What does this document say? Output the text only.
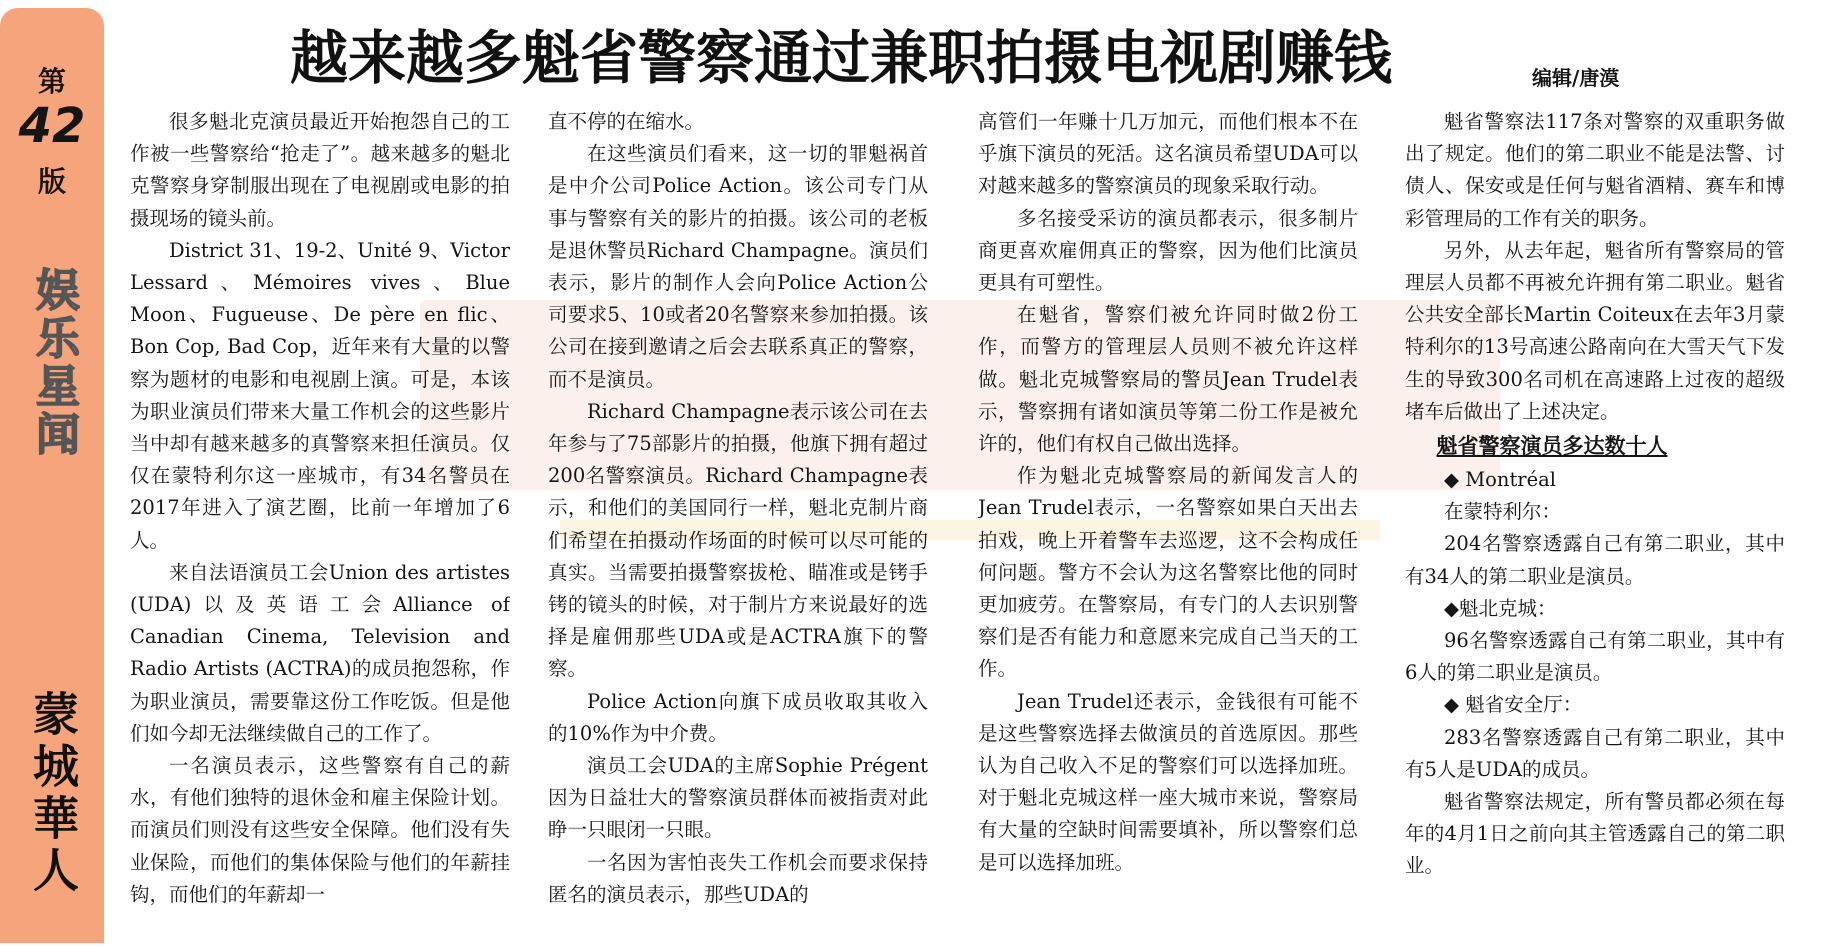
第
42
版
娱乐星闻
蒙城華人
越来越多魁省警察通过兼职拍摄电视剧赚钱	编辑/唐漠

很多魁北克演员最近开始抱怨自己的工作被一些警察给“抢走了”。越来越多的魁北克警察身穿制服出现在了电视剧或电影的拍摄现场的镜头前。

District 31、19-2、Unité 9、Victor Lessard、Mémoires vives、Blue Moon、Fugueuse、De père en flic、Bon Cop, Bad Cop，近年来有大量的以警察为题材的电影和电视剧上演。可是，本该为职业演员们带来大量工作机会的这些影片当中却有越来越多的真警察来担任演员。仅仅在蒙特利尔这一座城市，有34名警员在2017年进入了演艺圈，比前一年增加了6人。

来自法语演员工会Union des artistes (UDA)以及英语工会Alliance of Canadian Cinema, Television and Radio Artists (ACTRA)的成员抱怨称，作为职业演员，需要靠这份工作吃饭。但是他们如今却无法继续做自己的工作了。

一名演员表示，这些警察有自己的薪水，有他们独特的退休金和雇主保险计划。而演员们则没有这些安全保障。他们没有失业保险，而他们的集体保险与他们的年薪挂钩，而他们的年薪却一

直不停的在缩水。

在这些演员们看来，这一切的罪魁祸首是中介公司Police Action。该公司专门从事与警察有关的影片的拍摄。该公司的老板是退休警员Richard Champagne。演员们表示，影片的制作人会向Police Action公司要求5、10或者20名警察来参加拍摄。该公司在接到邀请之后会去联系真正的警察，而不是演员。

Richard Champagne表示该公司在去年参与了75部影片的拍摄，他旗下拥有超过200名警察演员。Richard Champagne表示，和他们的美国同行一样，魁北克制片商们希望在拍摄动作场面的时候可以尽可能的真实。当需要拍摄警察拔枪、瞄准或是铐手铐的镜头的时候，对于制片方来说最好的选择是雇佣那些UDA或是ACTRA旗下的警察。

Police Action向旗下成员收取其收入的10%作为中介费。

演员工会UDA的主席Sophie Prégent因为日益壮大的警察演员群体而被指责对此睁一只眼闭一只眼。

一名因为害怕丧失工作机会而要求保持匿名的演员表示，那些UDA的

高管们一年赚十几万加元，而他们根本不在乎旗下演员的死活。这名演员希望UDA可以对越来越多的警察演员的现象采取行动。

多名接受采访的演员都表示，很多制片商更喜欢雇佣真正的警察，因为他们比演员更具有可塑性。

在魁省，警察们被允许同时做2份工作，而警方的管理层人员则不被允许这样做。魁北克城警察局的警员Jean Trudel表示，警察拥有诸如演员等第二份工作是被允许的，他们有权自己做出选择。

作为魁北克城警察局的新闻发言人的Jean Trudel表示，一名警察如果白天出去拍戏，晚上开着警车去巡逻，这不会构成任何问题。警方不会认为这名警察比他的同时更加疲劳。在警察局，有专门的人去识别警察们是否有能力和意愿来完成自己当天的工作。

Jean Trudel还表示，金钱很有可能不是这些警察选择去做演员的首选原因。那些认为自己收入不足的警察们可以选择加班。对于魁北克城这样一座大城市来说，警察局有大量的空缺时间需要填补，所以警察们总是可以选择加班。

魁省警察法117条对警察的双重职务做出了规定。他们的第二职业不能是法警、讨债人、保安或是任何与魁省酒精、赛车和博彩管理局的工作有关的职务。

另外，从去年起，魁省所有警察局的管理层人员都不再被允许拥有第二职业。魁省公共安全部长Martin Coiteux在去年3月蒙特利尔的13号高速公路南向在大雪天气下发生的导致300名司机在高速路上过夜的超级堵车后做出了上述决定。

魁省警察演员多达数十人

◆ Montréal

在蒙特利尔：

204名警察透露自己有第二职业，其中有34人的第二职业是演员。

◆魁北克城：

96名警察透露自己有第二职业，其中有6人的第二职业是演员。

◆ 魁省安全厅：

283名警察透露自己有第二职业，其中有5人是UDA的成员。

魁省警察法规定，所有警员都必须在每年的4月1日之前向其主管透露自己的第二职业。
